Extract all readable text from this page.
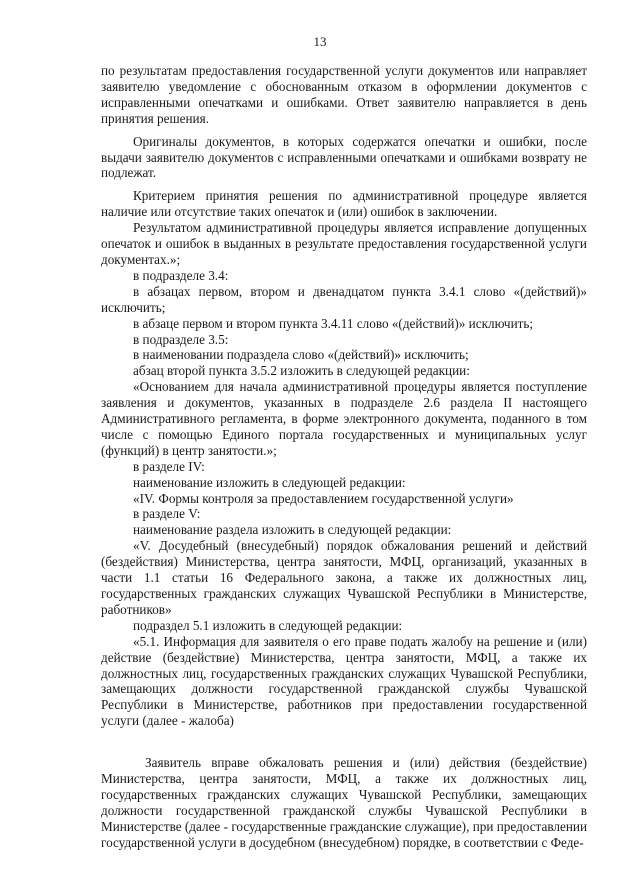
13

по результатам предоставления государственной услуги документов или направляет заявителю уведомление с обоснованным отказом в оформлении документов с исправленными опечатками и ошибками. Ответ заявителю направляется в день принятия решения.

Оригиналы документов, в которых содержатся опечатки и ошибки, после выдачи заявителю документов с исправленными опечатками и ошибками возврату не подлежат.

Критерием принятия решения по административной процедуре является наличие или отсутствие таких опечаток и (или) ошибок в заключении.

Результатом административной процедуры является исправление допущенных опечаток и ошибок в выданных в результате предоставления государственной услуги документах.»;

в подразделе 3.4:

в абзацах первом, втором и двенадцатом пункта 3.4.1 слово «(действий)» исключить;

в абзаце первом и втором пункта 3.4.11 слово «(действий)» исключить;

в подразделе 3.5:

в наименовании подраздела слово «(действий)» исключить;

абзац второй пункта 3.5.2 изложить в следующей редакции:

«Основанием для начала административной процедуры является поступление заявления и документов, указанных в подразделе 2.6 раздела II настоящего Административного регламента, в форме электронного документа, поданного в том числе с помощью Единого портала государственных и муниципальных услуг (функций) в центр занятости.»;

в разделе IV:

наименование изложить в следующей редакции:

«IV. Формы контроля за предоставлением государственной услуги»

в разделе V:

наименование раздела изложить в следующей редакции:

«V. Досудебный (внесудебный) порядок обжалования решений и действий (бездействия) Министерства, центра занятости, МФЦ, организаций, указанных в части 1.1 статьи 16 Федерального закона, а также их должностных лиц, государственных гражданских служащих Чувашской Республики в Министерстве, работников»

подраздел 5.1 изложить в следующей редакции:

«5.1. Информация для заявителя о его праве подать жалобу на решение и (или) действие (бездействие) Министерства, центра занятости, МФЦ, а также их должностных лиц, государственных гражданских служащих Чувашской Республики, замещающих должности государственной гражданской службы Чувашской Республики в Министерстве, работников при предоставлении государственной услуги (далее - жалоба)

Заявитель вправе обжаловать решения и (или) действия (бездействие) Министерства, центра занятости, МФЦ, а также их должностных лиц, государственных гражданских служащих Чувашской Республики, замещающих должности государственной гражданской службы Чувашской Республики в Министерстве (далее - государственные гражданские служащие), при предоставлении государственной услуги в досудебном (внесудебном) порядке, в соответствии с Феде-
